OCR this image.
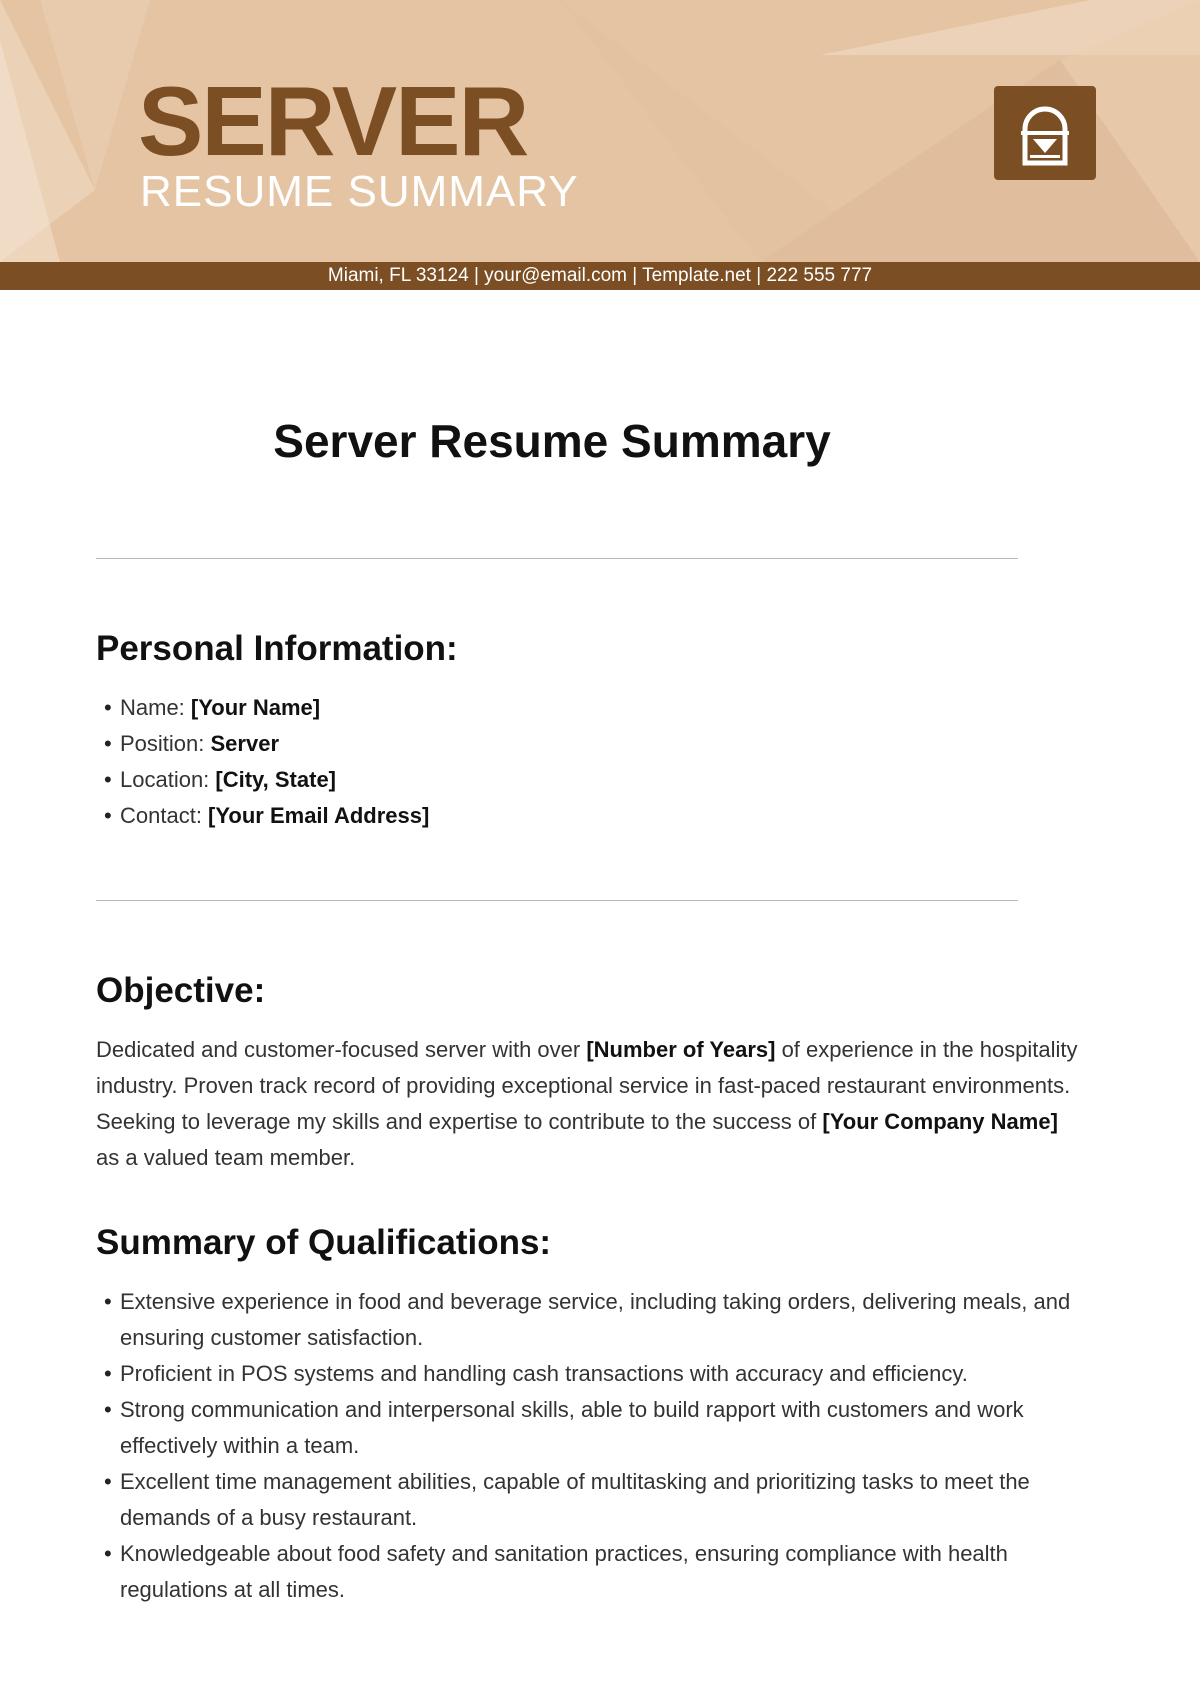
SERVER
RESUME SUMMARY
Miami, FL 33124 | your@email.com | Template.net | 222 555 777
Server Resume Summary
Personal Information:
• Name: [Your Name]
• Position: Server
• Location: [City, State]
• Contact: [Your Email Address]
Objective:

Dedicated and customer-focused server with over [Number of Years] of experience in the hospitality industry. Proven track record of providing exceptional service in fast-paced restaurant environments. Seeking to leverage my skills and expertise to contribute to the success of [Your Company Name] as a valued team member.

Summary of Qualifications:
• Extensive experience in food and beverage service, including taking orders, delivering meals, and ensuring customer satisfaction.
• Proficient in POS systems and handling cash transactions with accuracy and efficiency.
• Strong communication and interpersonal skills, able to build rapport with customers and work effectively within a team.
• Excellent time management abilities, capable of multitasking and prioritizing tasks to meet the demands of a busy restaurant.
• Knowledgeable about food safety and sanitation practices, ensuring compliance with health regulations at all times.
